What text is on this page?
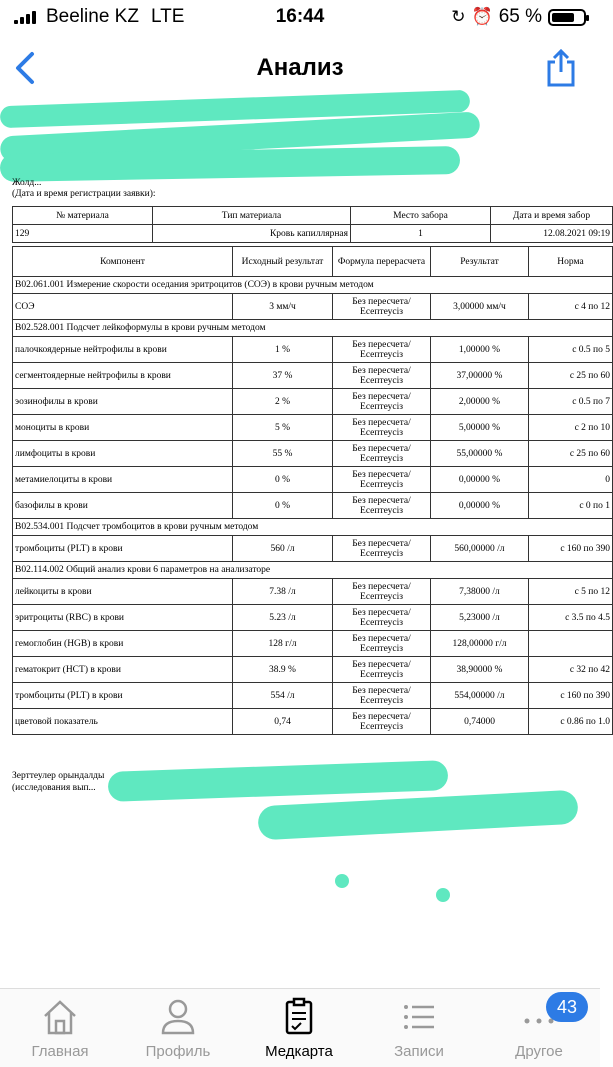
Beeline KZ LTE	16:44	↻ ⏰ 65 %
Анализ
Жолд...
(Дата и время регистрации заявки):
№ материала	Тип материала	Место забора	Дата и время забор
129	Кровь капиллярная	1	12.08.2021 09:19
Компонент	Исходный результат	Формула перерасчета	Результат	Норма
B02.061.001 Измерение скорости оседания эритроцитов (СОЭ) в крови ручным методом				
СОЭ	3 мм/ч	Без пересчета/ Есептеусіз	3,00000 мм/ч	с 4 по 12
B02.528.001 Подсчет лейкоформулы в крови ручным методом				
палочкоядерные нейтрофилы в крови	1 %	Без пересчета/ Есептеусіз	1,00000 %	с 0.5 по 5
сегментоядерные нейтрофилы в крови	37 %	Без пересчета/ Есептеусіз	37,00000 %	с 25 по 60
эозинофилы в крови	2 %	Без пересчета/ Есептеусіз	2,00000 %	с 0.5 по 7
моноциты в крови	5 %	Без пересчета/ Есептеусіз	5,00000 %	с 2 по 10
лимфоциты в крови	55 %	Без пересчета/ Есептеусіз	55,00000 %	с 25 по 60
метамиелоциты в крови	0 %	Без пересчета/ Есептеусіз	0,00000 %	0
базофилы в крови	0 %	Без пересчета/ Есептеусіз	0,00000 %	с 0 по 1
B02.534.001 Подсчет тромбоцитов в крови ручным методом				
тромбоциты (PLT) в крови	560 /л	Без пересчета/ Есептеусіз	560,00000 /л	с 160 по 390
B02.114.002 Общий анализ крови 6 параметров на анализаторе				
лейкоциты в крови	7.38 /л	Без пересчета/ Есептеусіз	7,38000 /л	с 5 по 12
эритроциты (RBC) в крови	5.23 /л	Без пересчета/ Есептеусіз	5,23000 /л	с 3.5 по 4.5
гемоглобин (HGB) в крови	128 г/л	Без пересчета/ Есептеусіз	128,00000 г/л	
гематокрит (HCT) в крови	38.9 %	Без пересчета/ Есептеусіз	38,90000 %	с 32 по 42
тромбоциты (PLT) в крови	554 /л	Без пересчета/ Есептеусіз	554,00000 /л	с 160 по 390
цветовой показатель	0,74	Без пересчета/ Есептеусіз	0,74000	с 0.86 по 1.0
Зерттеулер орындалды
(исследования вып...
Главная	Профиль	Медкарта	Записи	Другое
43
